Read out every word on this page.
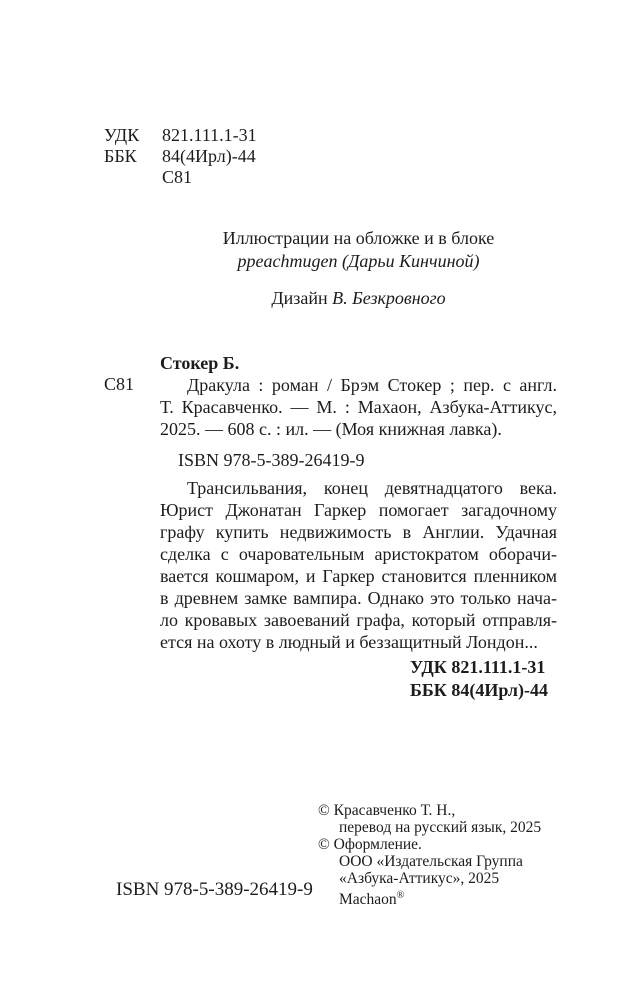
УДК 821.111.1-31
ББК 84(4Ирл)-44
С81
Иллюстрации на обложке и в блоке
ppeachmugen (Дарьи Кинчиной)
Дизайн В. Безкровного
С81
Стокер Б.
Дракула : роман / Брэм Стокер ; пер. с англ.
Т. Красавченко. — М. : Махаон, Азбука-Аттикус,
2025. — 608 с. : ил. — (Моя книжная лавка).
ISBN 978-5-389-26419-9
Трансильвания, конец девятнадцатого века.
Юрист Джонатан Гаркер помогает загадочному
графу купить недвижимость в Англии. Удачная
сделка с очаровательным аристократом оборачи-
вается кошмаром, и Гаркер становится пленником
в древнем замке вампира. Однако это только нача-
ло кровавых завоеваний графа, который отправля-
ется на охоту в людный и беззащитный Лондон...
УДК 821.111.1-31
ББК 84(4Ирл)-44
© Красавченко Т. Н.,
перевод на русский язык, 2025
© Оформление.
ООО «Издательская Группа
«Азбука-Аттикус», 2025
Machaon®
ISBN 978-5-389-26419-9
